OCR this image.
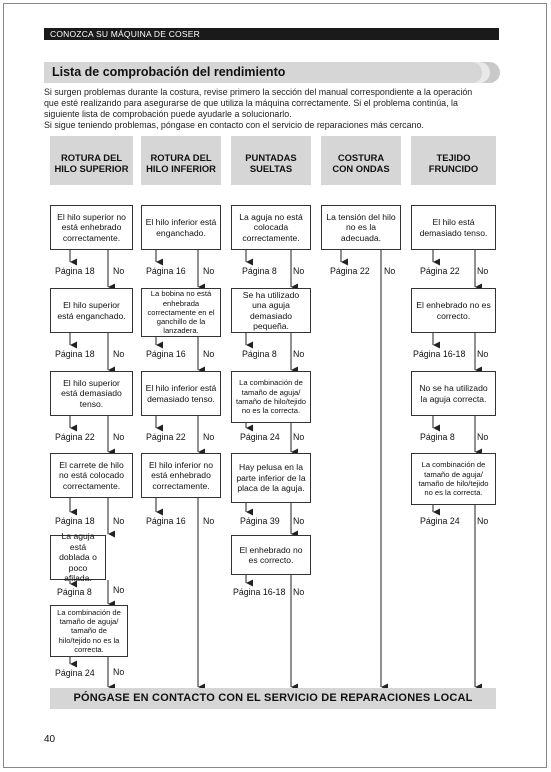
CONOZCA SU MÁQUINA DE COSER
Lista de comprobación del rendimiento

Si surgen problemas durante la costura, revise primero la sección del manual correspondiente a la operación

que esté realizando para asegurarse de que utiliza la máquina correctamente. Si el problema continúa, la

siguiente lista de comprobación puede ayudarle a solucionarlo.

Si sigue teniendo problemas, póngase en contacto con el servicio de reparaciones más cercano.

ROTURA DEL
HILO SUPERIOR
ROTURA DEL
HILO INFERIOR
PUNTADAS
SUELTAS
COSTURA
CON ONDAS
TEJIDO
FRUNCIDO
El hilo superior no está enhebrado correctamente.
El hilo superior está enganchado.
El hilo superior está demasiado tenso.
El carrete de hilo no está colocado correctamente.
La aguja está doblada o poco afilada.
La combinación de tamaño de aguja/ tamaño de hilo/tejido no es la correcta.
El hilo inferior está enganchado.
La bobina no está enhebrada correctamente en el ganchillo de la lanzadera.
El hilo inferior está demasiado tenso.
El hilo inferior no está enhebrado correctamente.
La aguja no está colocada correctamente.
Se ha utilizado una aguja demasiado pequeña.
La combinación de tamaño de aguja/ tamaño de hilo/tejido no es la correcta.
Hay pelusa en la parte inferior de la placa de la aguja.
El enhebrado no es correcto.
La tensión del hilo no es la adecuada.
El hilo está demasiado tenso.
El enhebrado no es correcto.
No se ha utilizado la aguja correcta.
La combinación de tamaño de aguja/ tamaño de hilo/tejido no es la correcta.
Página 18 No
Página 18 No
Página 22 No
Página 18 No
Página 8 No
Página 24 No
Página 16 No
Página 16 No
Página 22 No
Página 16 No
Página 8 No
Página 8 No
Página 24 No
Página 39 No
Página 16-18 No
Página 22 No	Página 22 No
Página 16-18 No
Página 8	No
Página 24 No
PÓNGASE EN CONTACTO CON EL SERVICIO DE REPARACIONES LOCAL
40
